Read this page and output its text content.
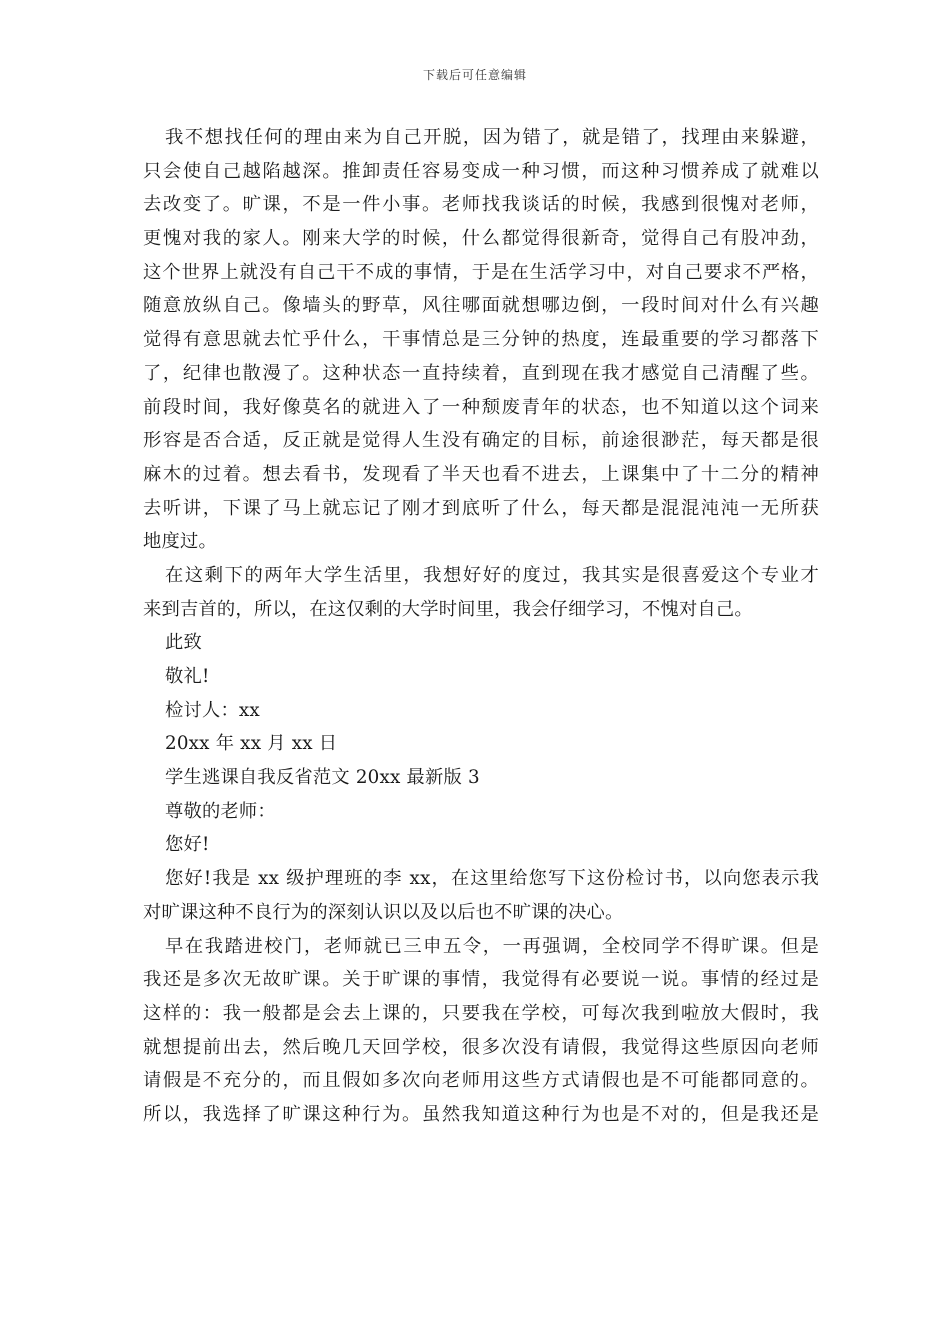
下载后可任意编辑
我不想找任何的理由来为自己开脱，因为错了，就是错了，找理由来躲避，
只会使自己越陷越深。推卸责任容易变成一种习惯，而这种习惯养成了就难以
去改变了。旷课，不是一件小事。老师找我谈话的时候，我感到很愧对老师，
更愧对我的家人。刚来大学的时候，什么都觉得很新奇，觉得自己有股冲劲，
这个世界上就没有自己干不成的事情，于是在生活学习中，对自己要求不严格，
随意放纵自己。像墙头的野草，风往哪面就想哪边倒，一段时间对什么有兴趣
觉得有意思就去忙乎什么，干事情总是三分钟的热度，连最重要的学习都落下
了，纪律也散漫了。这种状态一直持续着，直到现在我才感觉自己清醒了些。
前段时间，我好像莫名的就进入了一种颓废青年的状态，也不知道以这个词来
形容是否合适，反正就是觉得人生没有确定的目标，前途很渺茫，每天都是很
麻木的过着。想去看书，发现看了半天也看不进去，上课集中了十二分的精神
去听讲，下课了马上就忘记了刚才到底听了什么，每天都是混混沌沌一无所获
地度过。
在这剩下的两年大学生活里，我想好好的度过，我其实是很喜爱这个专业才
来到吉首的，所以，在这仅剩的大学时间里，我会仔细学习，不愧对自己。
此致
敬礼!
检讨人：xx
20xx 年 xx 月 xx 日
学生逃课自我反省范文 20xx 最新版 3
尊敬的老师：
您好!
您好!我是 xx 级护理班的李 xx，在这里给您写下这份检讨书，以向您表示我
对旷课这种不良行为的深刻认识以及以后也不旷课的决心。
早在我踏进校门，老师就已三申五令，一再强调，全校同学不得旷课。但是
我还是多次无故旷课。关于旷课的事情，我觉得有必要说一说。事情的经过是
这样的：我一般都是会去上课的，只要我在学校，可每次我到啦放大假时，我
就想提前出去，然后晚几天回学校，很多次没有请假，我觉得这些原因向老师
请假是不充分的，而且假如多次向老师用这些方式请假也是不可能都同意的。
所以，我选择了旷课这种行为。虽然我知道这种行为也是不对的，但是我还是
